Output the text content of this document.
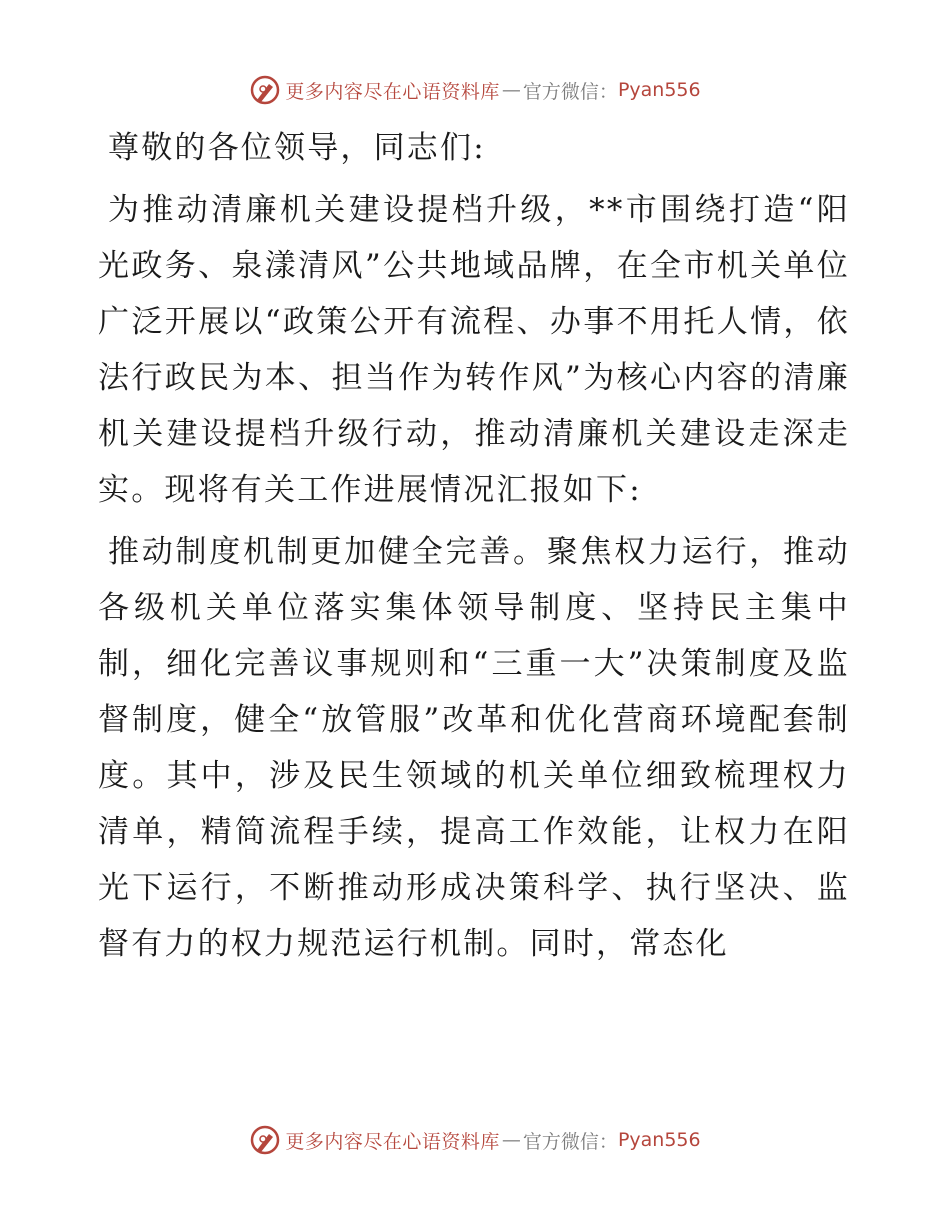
更多内容尽在心语资料库 — 官方微信： Pyan556

尊敬的各位领导，同志们:

为推动清廉机关建设提档升级，**市围绕打造“阳光政务、泉漾清风”公共地域品牌，在全市机关单位广泛开展以“政策公开有流程、办事不用托人情，依法行政民为本、担当作为转作风”为核心内容的清廉机关建设提档升级行动，推动清廉机关建设走深走实。现将有关工作进展情况汇报如下:

推动制度机制更加健全完善。聚焦权力运行，推动各级机关单位落实集体领导制度、坚持民主集中制，细化完善议事规则和“三重一大”决策制度及监督制度，健全“放管服”改革和优化营商环境配套制度。其中，涉及民生领域的机关单位细致梳理权力清单，精简流程手续，提高工作效能，让权力在阳光下运行，不断推动形成决策科学、执行坚决、监督有力的权力规范运行机制。同时，常态化

更多内容尽在心语资料库 — 官方微信： Pyan556
